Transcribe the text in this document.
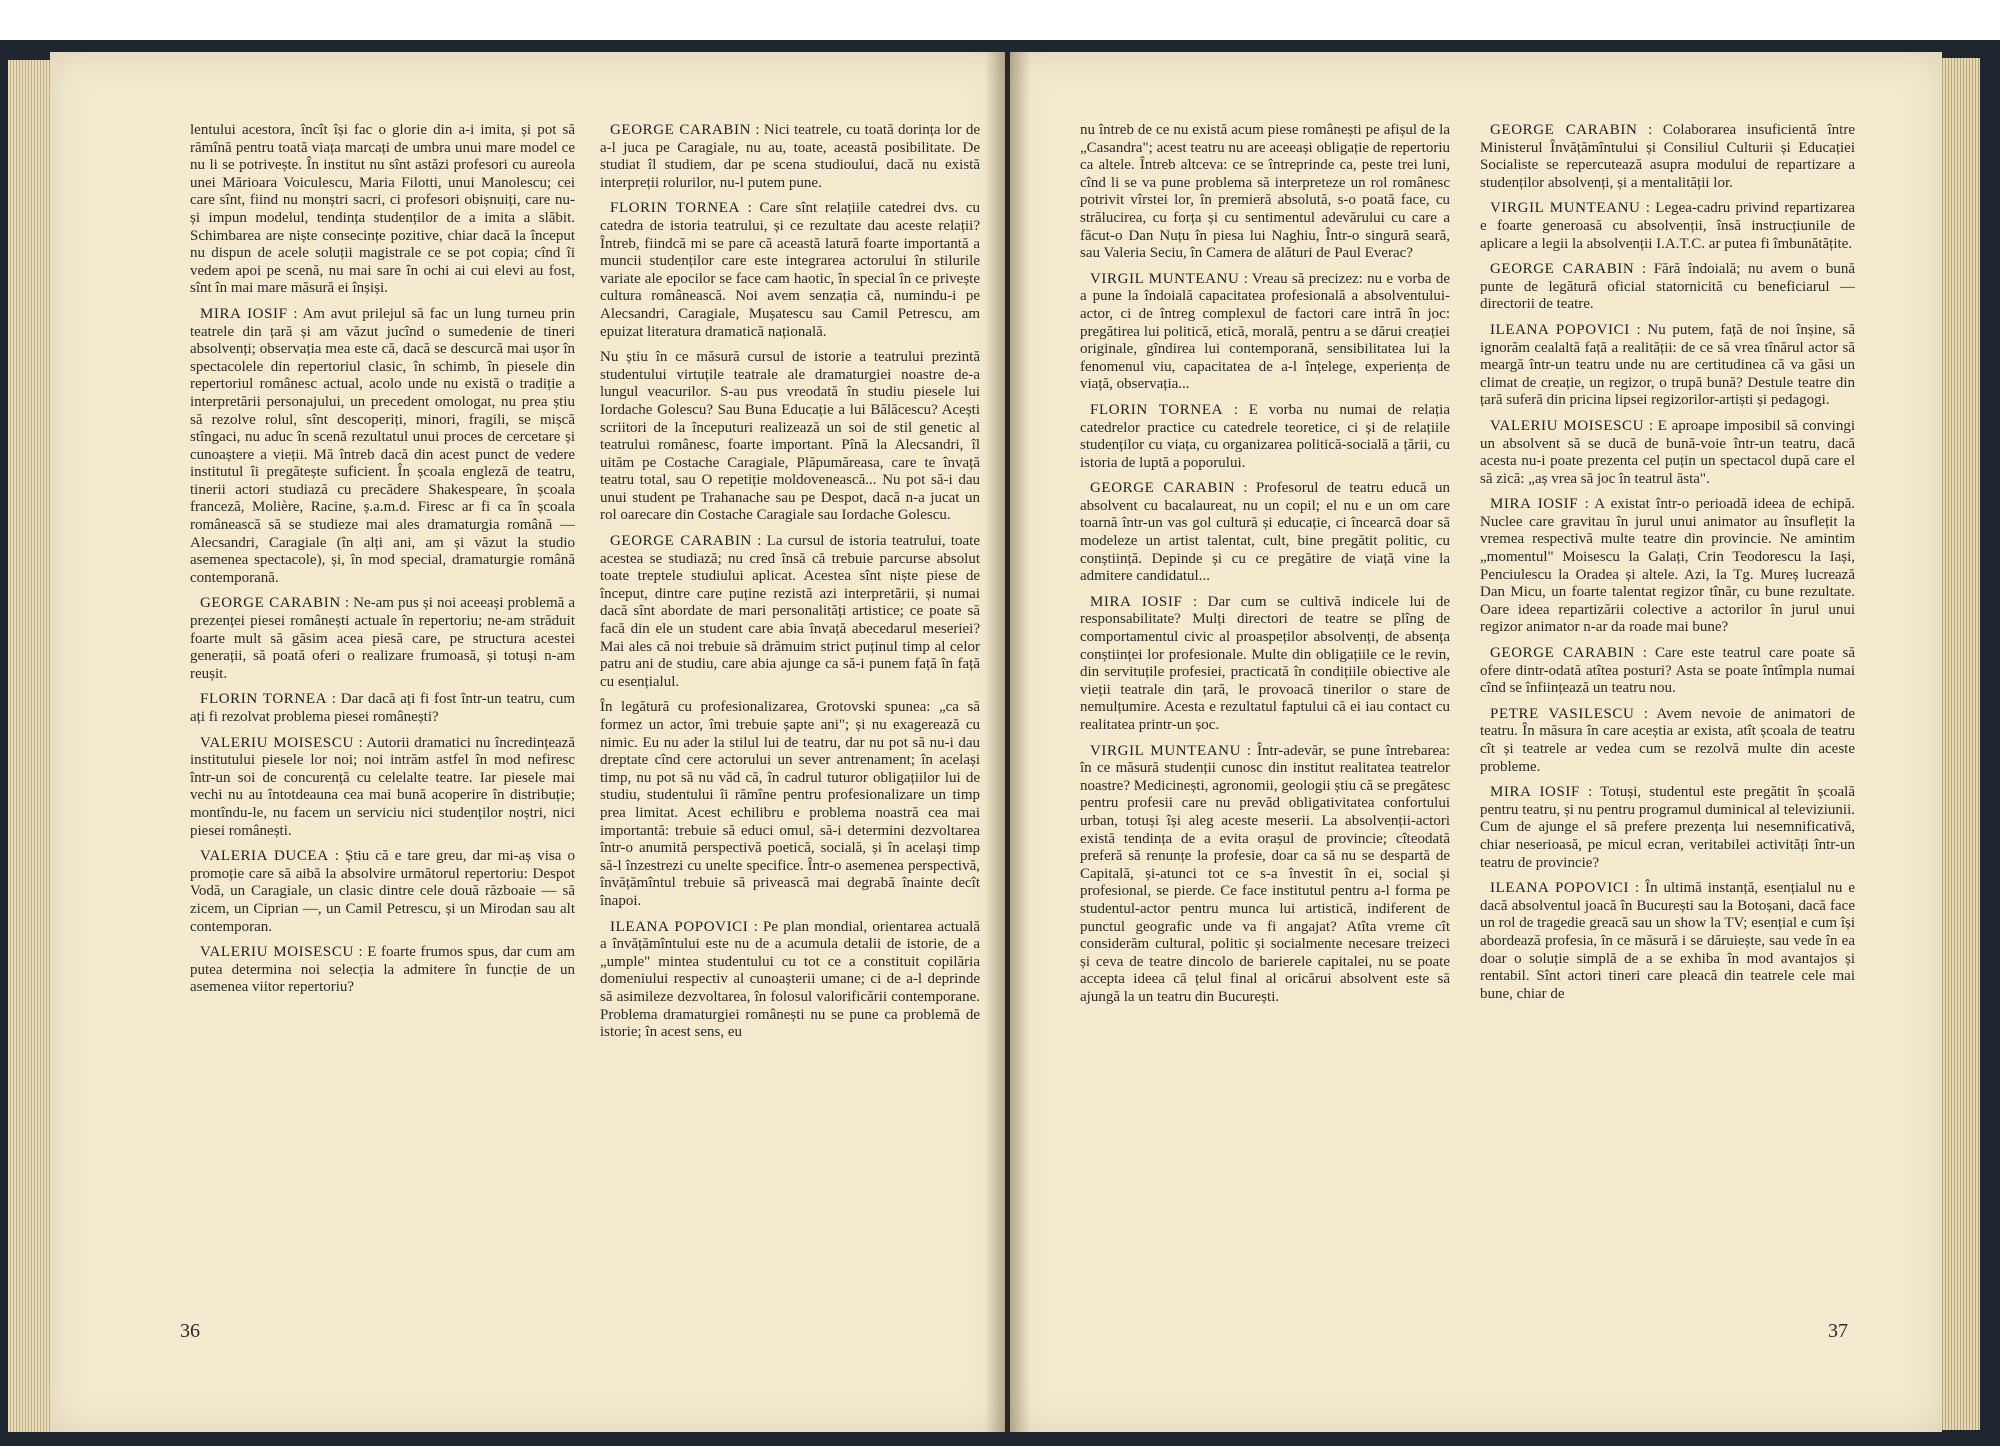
lentului acestora, încît își fac o glorie din a-i imita, și pot să rămînă pentru toată viața marcați de umbra unui mare model ce nu li se potrivește. În institut nu sînt astăzi profesori cu aureola unei Mărioara Voiculescu, Maria Filotti, unui Manolescu; cei care sînt, fiind nu monștri sacri, ci profesori obișnuiți, care nu-și impun modelul, tendința studenților de a imita a slăbit. Schimbarea are niște consecințe pozitive, chiar dacă la început nu dispun de acele soluții magistrale ce se pot copia; cînd îi vedem apoi pe scenă, nu mai sare în ochi ai cui elevi au fost, sînt în mai mare măsură ei înșiși.

MIRA IOSIF : Am avut prilejul să fac un lung turneu prin teatrele din țară și am văzut jucînd o sumedenie de tineri absolvenți; observația mea este că, dacă se descurcă mai ușor în spectacolele din repertoriul clasic, în schimb, în piesele din repertoriul românesc actual, acolo unde nu există o tradiție a interpretării personajului, un precedent omologat, nu prea știu să rezolve rolul, sînt descoperiți, minori, fragili, se mișcă stîngaci, nu aduc în scenă rezultatul unui proces de cercetare și cunoaștere a vieții. Mă întreb dacă din acest punct de vedere institutul îi pregătește suficient. În școala engleză de teatru, tinerii actori studiază cu precădere Shakespeare, în școala franceză, Molière, Racine, ș.a.m.d. Firesc ar fi ca în școala românească să se studieze mai ales dramaturgia română — Alecsandri, Caragiale (în alți ani, am și văzut la studio asemenea spectacole), și, în mod special, dramaturgie română contemporană.

GEORGE CARABIN : Ne-am pus și noi aceeași problemă a prezenței piesei românești actuale în repertoriu; ne-am străduit foarte mult să găsim acea piesă care, pe structura acestei generații, să poată oferi o realizare frumoasă, și totuși n-am reușit.

FLORIN TORNEA : Dar dacă ați fi fost într-un teatru, cum ați fi rezolvat problema piesei românești?

VALERIU MOISESCU : Autorii dramatici nu încredințează institutului piesele lor noi; noi intrăm astfel în mod nefiresc într-un soi de concurență cu celelalte teatre. Iar piesele mai vechi nu au întotdeauna cea mai bună acoperire în distribuție; montîndu-le, nu facem un serviciu nici studenților noștri, nici piesei românești.

VALERIA DUCEA : Știu că e tare greu, dar mi-aș visa o promoție care să aibă la absolvire următorul repertoriu: Despot Vodă, un Caragiale, un clasic dintre cele două războaie — să zicem, un Ciprian —, un Camil Petrescu, și un Mirodan sau alt contemporan.

VALERIU MOISESCU : E foarte frumos spus, dar cum am putea determina noi selecția la admitere în funcție de un asemenea viitor repertoriu?

GEORGE CARABIN : Nici teatrele, cu toată dorința lor de a-l juca pe Caragiale, nu au, toate, această posibilitate. De studiat îl studiem, dar pe scena studioului, dacă nu există interpreții rolurilor, nu-l putem pune.

FLORIN TORNEA : Care sînt relațiile catedrei dvs. cu catedra de istoria teatrului, și ce rezultate dau aceste relații? Întreb, fiindcă mi se pare că această latură foarte importantă a muncii studenților care este integrarea actorului în stilurile variate ale epocilor se face cam haotic, în special în ce privește cultura românească. Noi avem senzația că, numindu-i pe Alecsandri, Caragiale, Mușatescu sau Camil Petrescu, am epuizat literatura dramatică națională.

Nu știu în ce măsură cursul de istorie a teatrului prezintă studentului virtuțile teatrale ale dramaturgiei noastre de-a lungul veacurilor. S-au pus vreodată în studiu piesele lui Iordache Golescu? Sau Buna Educație a lui Bălăcescu? Acești scriitori de la începuturi realizează un soi de stil genetic al teatrului românesc, foarte important. Pînă la Alecsandri, îl uităm pe Costache Caragiale, Plăpumăreasa, care te învață teatru total, sau O repetiție moldovenească... Nu pot să-i dau unui student pe Trahanache sau pe Despot, dacă n-a jucat un rol oarecare din Costache Caragiale sau Iordache Golescu.

GEORGE CARABIN : La cursul de istoria teatrului, toate acestea se studiază; nu cred însă că trebuie parcurse absolut toate treptele studiului aplicat. Acestea sînt niște piese de început, dintre care puține rezistă azi interpretării, și numai dacă sînt abordate de mari personalități artistice; ce poate să facă din ele un student care abia învață abecedarul meseriei? Mai ales că noi trebuie să drămuim strict puținul timp al celor patru ani de studiu, care abia ajunge ca să-i punem față în față cu esențialul.

În legătură cu profesionalizarea, Grotovski spunea: „ca să formez un actor, îmi trebuie șapte ani"; și nu exagerează cu nimic. Eu nu ader la stilul lui de teatru, dar nu pot să nu-i dau dreptate cînd cere actorului un sever antrenament; în același timp, nu pot să nu văd că, în cadrul tuturor obligațiilor lui de studiu, studentului îi rămîne pentru profesionalizare un timp prea limitat. Acest echilibru e problema noastră cea mai importantă: trebuie să educi omul, să-i determini dezvoltarea într-o anumită perspectivă poetică, socială, și în același timp să-l înzestrezi cu unelte specifice. Într-o asemenea perspectivă, învățămîntul trebuie să privească mai degrabă înainte decît înapoi.

ILEANA POPOVICI : Pe plan mondial, orientarea actuală a învățămîntului este nu de a acumula detalii de istorie, de a „umple" mintea studentului cu tot ce a constituit copilăria domeniului respectiv al cunoașterii umane; ci de a-l deprinde să asimileze dezvoltarea, în folosul valorificării contemporane. Problema dramaturgiei românești nu se pune ca problemă de istorie; în acest sens, eu

36

nu întreb de ce nu există acum piese românești pe afișul de la „Casandra"; acest teatru nu are aceeași obligație de repertoriu ca altele. Întreb altceva: ce se întreprinde ca, peste trei luni, cînd li se va pune problema să interpreteze un rol românesc potrivit vîrstei lor, în premieră absolută, s-o poată face, cu strălucirea, cu forța și cu sentimentul adevărului cu care a făcut-o Dan Nuțu în piesa lui Naghiu, Într-o singură seară, sau Valeria Seciu, în Camera de alături de Paul Everac?

VIRGIL MUNTEANU : Vreau să precizez: nu e vorba de a pune la îndoială capacitatea profesională a absolventului-actor, ci de întreg complexul de factori care intră în joc: pregătirea lui politică, etică, morală, pentru a se dărui creației originale, gîndirea lui contemporană, sensibilitatea lui la fenomenul viu, capacitatea de a-l înțelege, experiența de viață, observația...

FLORIN TORNEA : E vorba nu numai de relația catedrelor practice cu catedrele teoretice, ci și de relațiile studenților cu viața, cu organizarea politică-socială a țării, cu istoria de luptă a poporului.

GEORGE CARABIN : Profesorul de teatru educă un absolvent cu bacalaureat, nu un copil; el nu e un om care toarnă într-un vas gol cultură și educație, ci încearcă doar să modeleze un artist talentat, cult, bine pregătit politic, cu conștiință. Depinde și cu ce pregătire de viață vine la admitere candidatul...

MIRA IOSIF : Dar cum se cultivă indicele lui de responsabilitate? Mulți directori de teatre se plîng de comportamentul civic al proaspeților absolvenți, de absența conștiinței lor profesionale. Multe din obligațiile ce le revin, din servituțile profesiei, practicată în condițiile obiective ale vieții teatrale din țară, le provoacă tinerilor o stare de nemulțumire. Acesta e rezultatul faptului că ei iau contact cu realitatea printr-un șoc.

VIRGIL MUNTEANU : Într-adevăr, se pune întrebarea: în ce măsură studenții cunosc din institut realitatea teatrelor noastre? Medicinești, agronomii, geologii știu că se pregătesc pentru profesii care nu prevăd obligativitatea confortului urban, totuși își aleg aceste meserii. La absolvenții-actori există tendința de a evita orașul de provincie; cîteodată preferă să renunțe la profesie, doar ca să nu se despartă de Capitală, și-atunci tot ce s-a învestit în ei, social și profesional, se pierde. Ce face institutul pentru a-l forma pe studentul-actor pentru munca lui artistică, indiferent de punctul geografic unde va fi angajat? Atîta vreme cît considerăm cultural, politic și socialmente necesare treizeci și ceva de teatre dincolo de barierele capitalei, nu se poate accepta ideea că țelul final al oricărui absolvent este să ajungă la un teatru din București.

GEORGE CARABIN : Colaborarea insuficientă între Ministerul Învățămîntului și Consiliul Culturii și Educației Socialiste se repercutează asupra modului de repartizare a studenților absolvenți, și a mentalității lor.

VIRGIL MUNTEANU : Legea-cadru privind repartizarea e foarte generoasă cu absolvenții, însă instrucțiunile de aplicare a legii la absolvenții I.A.T.C. ar putea fi îmbunătățite.

GEORGE CARABIN : Fără îndoială; nu avem o bună punte de legătură oficial statornicită cu beneficiarul — directorii de teatre.

ILEANA POPOVICI : Nu putem, față de noi înșine, să ignorăm cealaltă față a realității: de ce să vrea tînărul actor să meargă într-un teatru unde nu are certitudinea că va găsi un climat de creație, un regizor, o trupă bună? Destule teatre din țară suferă din pricina lipsei regizorilor-artiști și pedagogi.

VALERIU MOISESCU : E aproape imposibil să convingi un absolvent să se ducă de bună-voie într-un teatru, dacă acesta nu-i poate prezenta cel puțin un spectacol după care el să zică: „aș vrea să joc în teatrul ăsta".

MIRA IOSIF : A existat într-o perioadă ideea de echipă. Nuclee care gravitau în jurul unui animator au însuflețit la vremea respectivă multe teatre din provincie. Ne amintim „momentul" Moisescu la Galați, Crin Teodorescu la Iași, Penciulescu la Oradea și altele. Azi, la Tg. Mureș lucrează Dan Micu, un foarte talentat regizor tînăr, cu bune rezultate. Oare ideea repartizării colective a actorilor în jurul unui regizor animator n-ar da roade mai bune?

GEORGE CARABIN : Care este teatrul care poate să ofere dintr-odată atîtea posturi? Asta se poate întîmpla numai cînd se înființează un teatru nou.

PETRE VASILESCU : Avem nevoie de animatori de teatru. În măsura în care aceștia ar exista, atît școala de teatru cît și teatrele ar vedea cum se rezolvă multe din aceste probleme.

MIRA IOSIF : Totuși, studentul este pregătit în școală pentru teatru, și nu pentru programul duminical al televiziunii. Cum de ajunge el să prefere prezența lui nesemnificativă, chiar neserioasă, pe micul ecran, veritabilei activități într-un teatru de provincie?

ILEANA POPOVICI : În ultimă instanță, esențialul nu e dacă absolventul joacă în București sau la Botoșani, dacă face un rol de tragedie greacă sau un show la TV; esențial e cum își abordează profesia, în ce măsură i se dăruiește, sau vede în ea doar o soluție simplă de a se exhiba în mod avantajos și rentabil. Sînt actori tineri care pleacă din teatrele cele mai bune, chiar de

37
